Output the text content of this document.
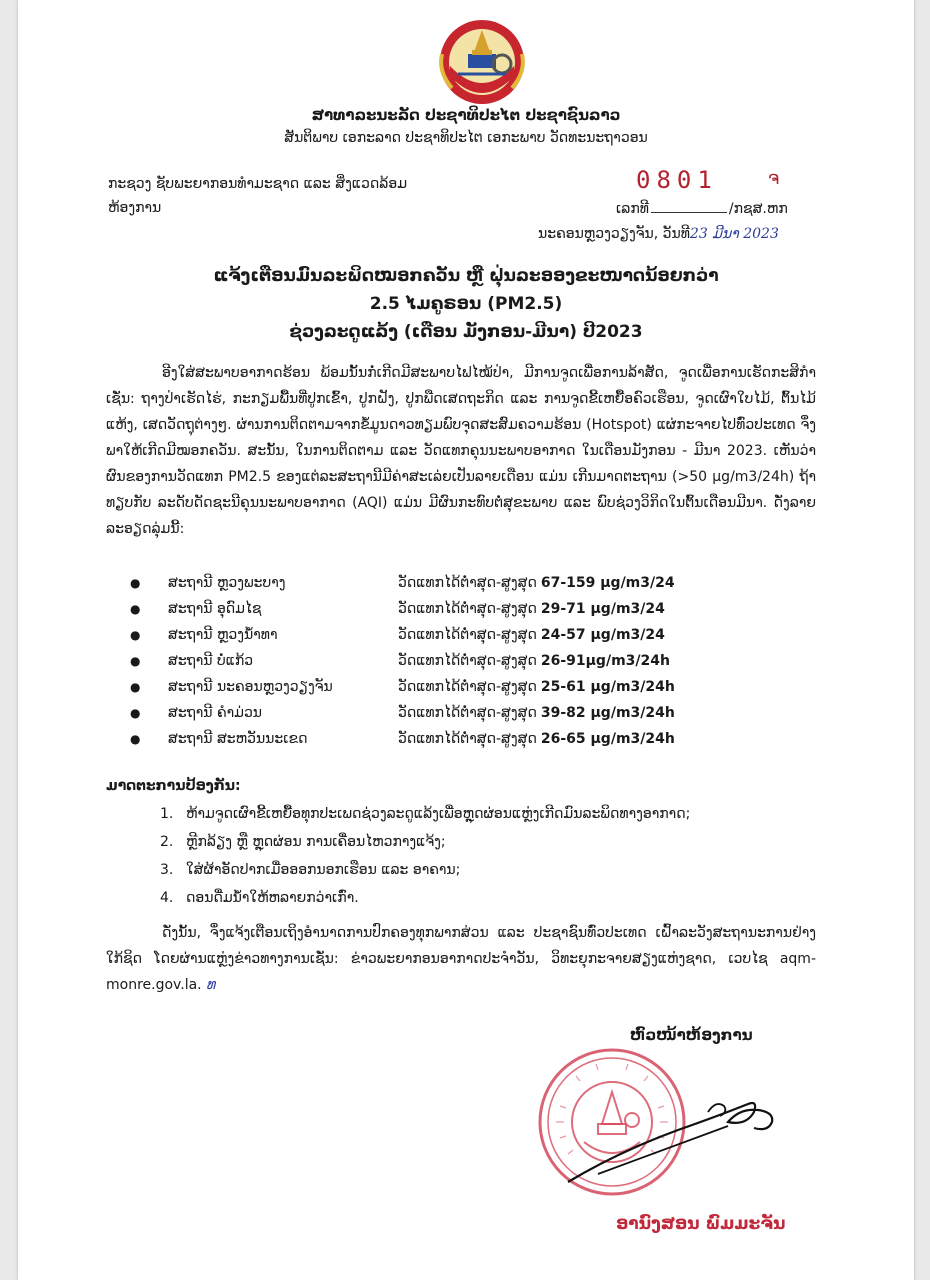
ສາທາລະນະລັດ ປະຊາທິປະໄຕ ປະຊາຊົນລາວ
ສັນຕິພາບ ເອກະລາດ ປະຊາທິປະໄຕ ເອກະພາບ ວັດທະນະຖາວອນ
ກະຊວງ ຊັບພະຍາກອນທຳມະຊາດ ແລະ ສິ່ງແວດລ້ອມ
ຫ້ອງການ
0801	ຈ
ເລກທີ	/ກຊສ.ຫກ
ນະຄອນຫຼວງວຽງຈັນ, ວັນທີ23 ມີນາ 2023
ແຈ້ງເຕືອນມົນລະພິດໝອກຄວັນ ຫຼື ຝຸ່ນລະອອງຂະໜາດນ້ອຍກວ່າ
2.5 ໄມຄູຣອນ (PM2.5)
ຊ່ວງລະດູແລ້ງ (ເດືອນ ມັງກອນ-ມີນາ) ປີ2023
ອີງໃສ່ສະພາບອາກາດຮ້ອນ ພ້ອມນັ້ນກໍ່ເກີດມີສະພາບໄຟໄໝ້ປ່າ, ມີການຈູດເພື່ອການລ້າສັດ, ຈູດເພື່ອການເຮັດກະສິກຳເຊັ່ນ: ຖາງປ່າເຮັດໄຮ່, ກະກຽມພື້ນທີ່ປູກເຂົ້າ, ປູກຝັງ, ປູກພືດເສດຖະກິດ ແລະ ການຈູດຂີ້ເຫຍື້ອຄົວເຮືອນ, ຈູດເຜົາໃບໄມ້, ຕົ້ນໄມ້ແຫ້ງ, ເສດວັດຖຸຕ່າງໆ. ຜ່ານການຕິດຕາມຈາກຂໍ້ມູນດາວທຽມພົບຈຸດສະສົມຄວາມຮ້ອນ (Hotspot) ແຜ່ກະຈາຍໄປທົ່ວປະເທດ ຈຶ່ງພາໃຫ້ເກີດມີໝອກຄວັນ. ສະນັ້ນ, ໃນການຕິດຕາມ ແລະ ວັດແທກຄຸນນະພາບອາກາດ ໃນເດືອນມັງກອນ - ມີນາ 2023. ເຫັນວ່າຜົນຂອງການວັດແທກ PM2.5 ຂອງແຕ່ລະສະຖານີມີຄ່າສະເລ່ຍເປັນລາຍເດືອນ ແມ່ນ ເກີນມາດຕະຖານ (>50 µg/m3/24h) ຖ້າທຽບກັບ ລະດັບດັດຊະນີຄຸນນະພາບອາກາດ (AQI) ແມ່ນ ມີຜົນກະທົບຕໍ່ສຸຂະພາບ ແລະ ພົບຊ່ວງວິກິດໃນຕົ້ນເດືອນມີນາ. ດັ່ງລາຍລະອຽດລຸ່ມນີ້:
●	ສະຖານີ ຫຼວງພະບາງ	ວັດແທກໄດ້ຕໍ່າສຸດ-ສູງສຸດ 67-159 µg/m3/24
●	ສະຖານີ ອຸດົມໄຊ	ວັດແທກໄດ້ຕໍ່າສຸດ-ສູງສຸດ 29-71 µg/m3/24
●	ສະຖານີ ຫຼວງນ້ຳທາ	ວັດແທກໄດ້ຕໍ່າສຸດ-ສູງສຸດ 24-57 µg/m3/24
●	ສະຖານີ ບໍ່ແກ້ວ	ວັດແທກໄດ້ຕໍ່າສຸດ-ສູງສຸດ 26-91µg/m3/24h
●	ສະຖານີ ນະຄອນຫຼວງວຽງຈັນ	ວັດແທກໄດ້ຕໍ່າສຸດ-ສູງສຸດ 25-61 µg/m3/24h
●	ສະຖານີ ຄຳມ່ວນ	ວັດແທກໄດ້ຕໍ່າສຸດ-ສູງສຸດ 39-82 µg/m3/24h
●	ສະຖານີ ສະຫວັນນະເຂດ	ວັດແທກໄດ້ຕໍ່າສຸດ-ສູງສຸດ 26-65 µg/m3/24h
ມາດຕະການປ້ອງກັນ:
1. ຫ້າມຈູດເຜົາຂີ້ເຫຍື້ອທຸກປະເພດຊ່ວງລະດູແລ້ງເພື່ອຫຼຸດຜ່ອນແຫຼ່ງເກີດມົນລະພິດທາງອາກາດ;
2. ຫຼີກລ້ຽງ ຫຼື ຫຼຸດຜ່ອນ ການເຄື່ອນໄຫວກາງແຈ້ງ;
3. ໃສ່ຜ້າອັດປາກເມື່ອອອກນອກເຮືອນ ແລະ ອາຄານ;
4. ດອນດື່ມນ້ຳໃຫ້ຫລາຍກວ່າເກົ່າ.
ດັ່ງນັ້ນ, ຈຶ່ງແຈ້ງເຕືອນເຖິງອຳນາດການປົກຄອງທຸກພາກສ່ວນ ແລະ ປະຊາຊົນທົ່ວປະເທດ ເຝົ້າລະວັງສະຖານະການຢ່າງໃກ້ຊິດ ໂດຍຜ່ານແຫຼ່ງຂ່າວທາງການເຊັ່ນ: ຂ່າວພະຍາກອນອາກາດປະຈຳວັນ, ວິທະຍຸກະຈາຍສຽງແຫ່ງຊາດ, ເວບໄຊ aqm-monre.gov.la. ທ
ຫົວໜ້າຫ້ອງການ
ອານົງສອນ ພົມມະຈັນ
